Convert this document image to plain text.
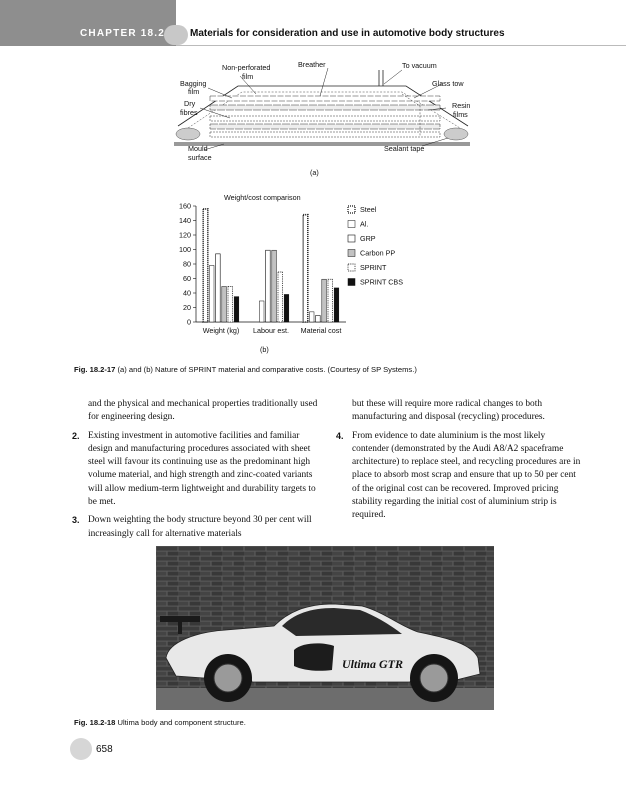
CHAPTER 18.2	Materials for consideration and use in automotive body structures
Non-perforated
film
Breather	To vacuum
Bagging
film
Glass tow
Dry
fibres
Resin
films
Mould
surface
Sealant tape
(a)
Weight/cost comparison
0
20
40
60
80
100
120
140
160
Weight (kg) Labour est. Material cost
Steel
Al.
GRP
Carbon PP
SPRINT
SPRINT CBS
(b)
Fig. 18.2-17 (a) and (b) Nature of SPRINT material and comparative costs. (Courtesy of SP Systems.)

and the physical and mechanical properties traditionally used for engineering design.

2. Existing investment in automotive facilities and familiar design and manufacturing procedures associated with sheet steel will favour its continuing use as the predominant high volume material, and high strength and zinc-coated variants will allow medium-term lightweight and durability targets to be met.

3. Down weighting the body structure beyond 30 per cent will increasingly call for alternative materials

but these will require more radical changes to both manufacturing and disposal (recycling) procedures.

4. From evidence to date aluminium is the most likely contender (demonstrated by the Audi A8/A2 spaceframe architecture) to replace steel, and recycling procedures are in place to absorb most scrap and ensure that up to 50 per cent of the original cost can be recovered. Improved pricing stability regarding the initial cost of aluminium strip is required.

Ultima GTR
Fig. 18.2-18 Ultima body and component structure.
658
